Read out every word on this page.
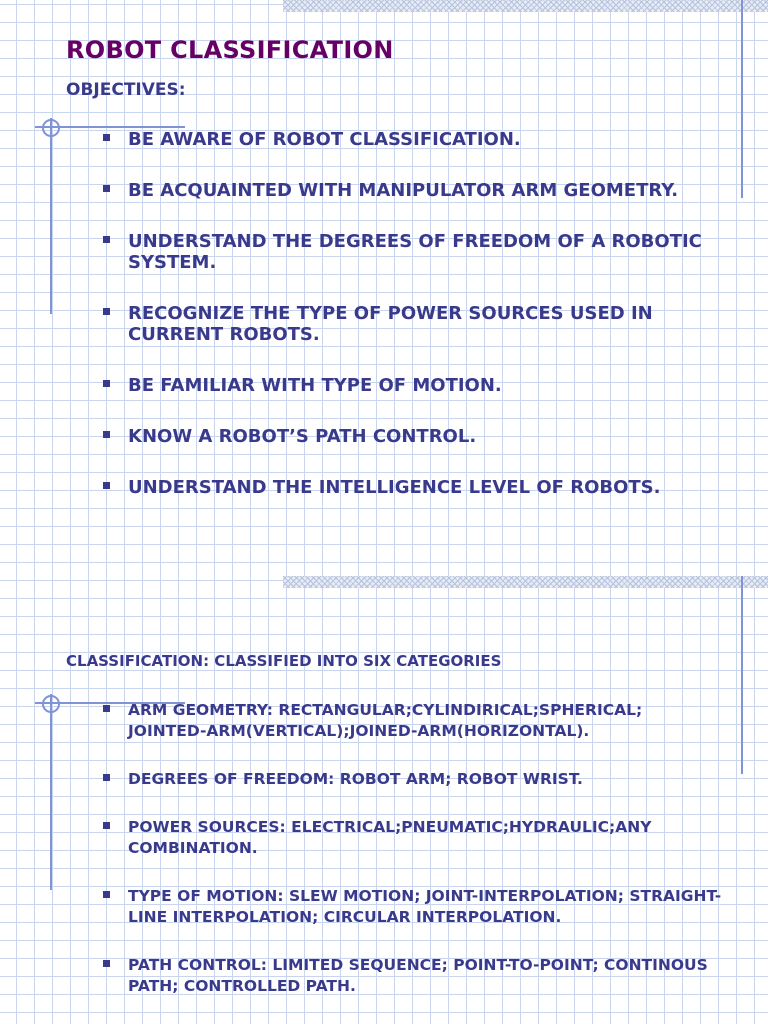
ROBOT CLASSIFICATION

OBJECTIVES:

BE AWARE OF ROBOT CLASSIFICATION.
BE ACQUAINTED WITH MANIPULATOR ARM GEOMETRY.
UNDERSTAND THE DEGREES OF FREEDOM OF A ROBOTIC SYSTEM.
RECOGNIZE THE TYPE OF POWER SOURCES USED IN CURRENT ROBOTS.
BE FAMILIAR WITH TYPE OF MOTION.
KNOW A ROBOT’S PATH CONTROL.
UNDERSTAND THE INTELLIGENCE LEVEL OF ROBOTS.

CLASSIFICATION: CLASSIFIED INTO SIX CATEGORIES

ARM GEOMETRY: RECTANGULAR;CYLINDIRICAL;SPHERICAL; JOINTED-ARM(VERTICAL);JOINED-ARM(HORIZONTAL).
DEGREES OF FREEDOM: ROBOT ARM; ROBOT WRIST.
POWER SOURCES: ELECTRICAL;PNEUMATIC;HYDRAULIC;ANY COMBINATION.
TYPE OF MOTION: SLEW MOTION; JOINT-INTERPOLATION; STRAIGHT-LINE INTERPOLATION; CIRCULAR INTERPOLATION.
PATH CONTROL: LIMITED SEQUENCE; POINT-TO-POINT; CONTINOUS PATH; CONTROLLED PATH.
